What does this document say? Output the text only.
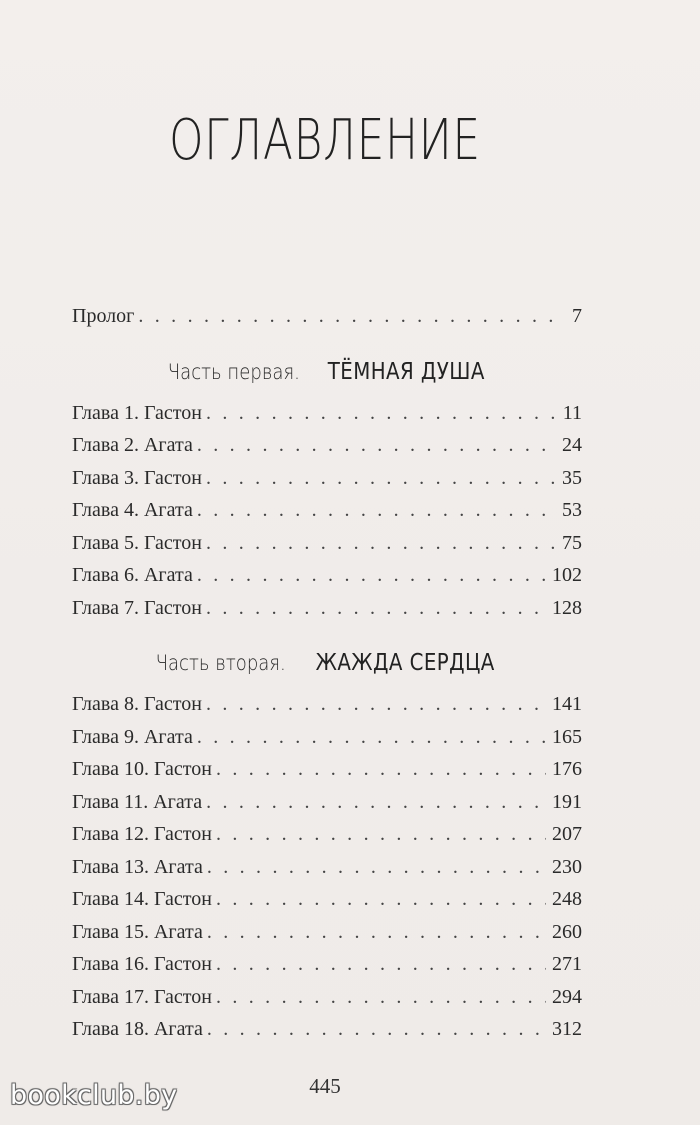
ОГЛАВЛЕНИЕ
Пролог . . .	7
Часть первая. ТЁМНАЯ ДУША
Глава 1. Гастон . . .	11
Глава 2. Агата . . .	24
Глава 3. Гастон . . .	35
Глава 4. Агата . . .	53
Глава 5. Гастон . . .	75
Глава 6. Агата . . .	102
Глава 7. Гастон . . .	128
Часть вторая. ЖАЖДА СЕРДЦА
Глава 8. Гастон . . .	141
Глава 9. Агата . . .	165
Глава 10. Гастон . . .	176
Глава 11. Агата . . .	191
Глава 12. Гастон . . .	207
Глава 13. Агата . . .	230
Глава 14. Гастон . . .	248
Глава 15. Агата . . .	260
Глава 16. Гастон . . .	271
Глава 17. Гастон . . .	294
Глава 18. Агата . . .	312
445
bookclub.by
